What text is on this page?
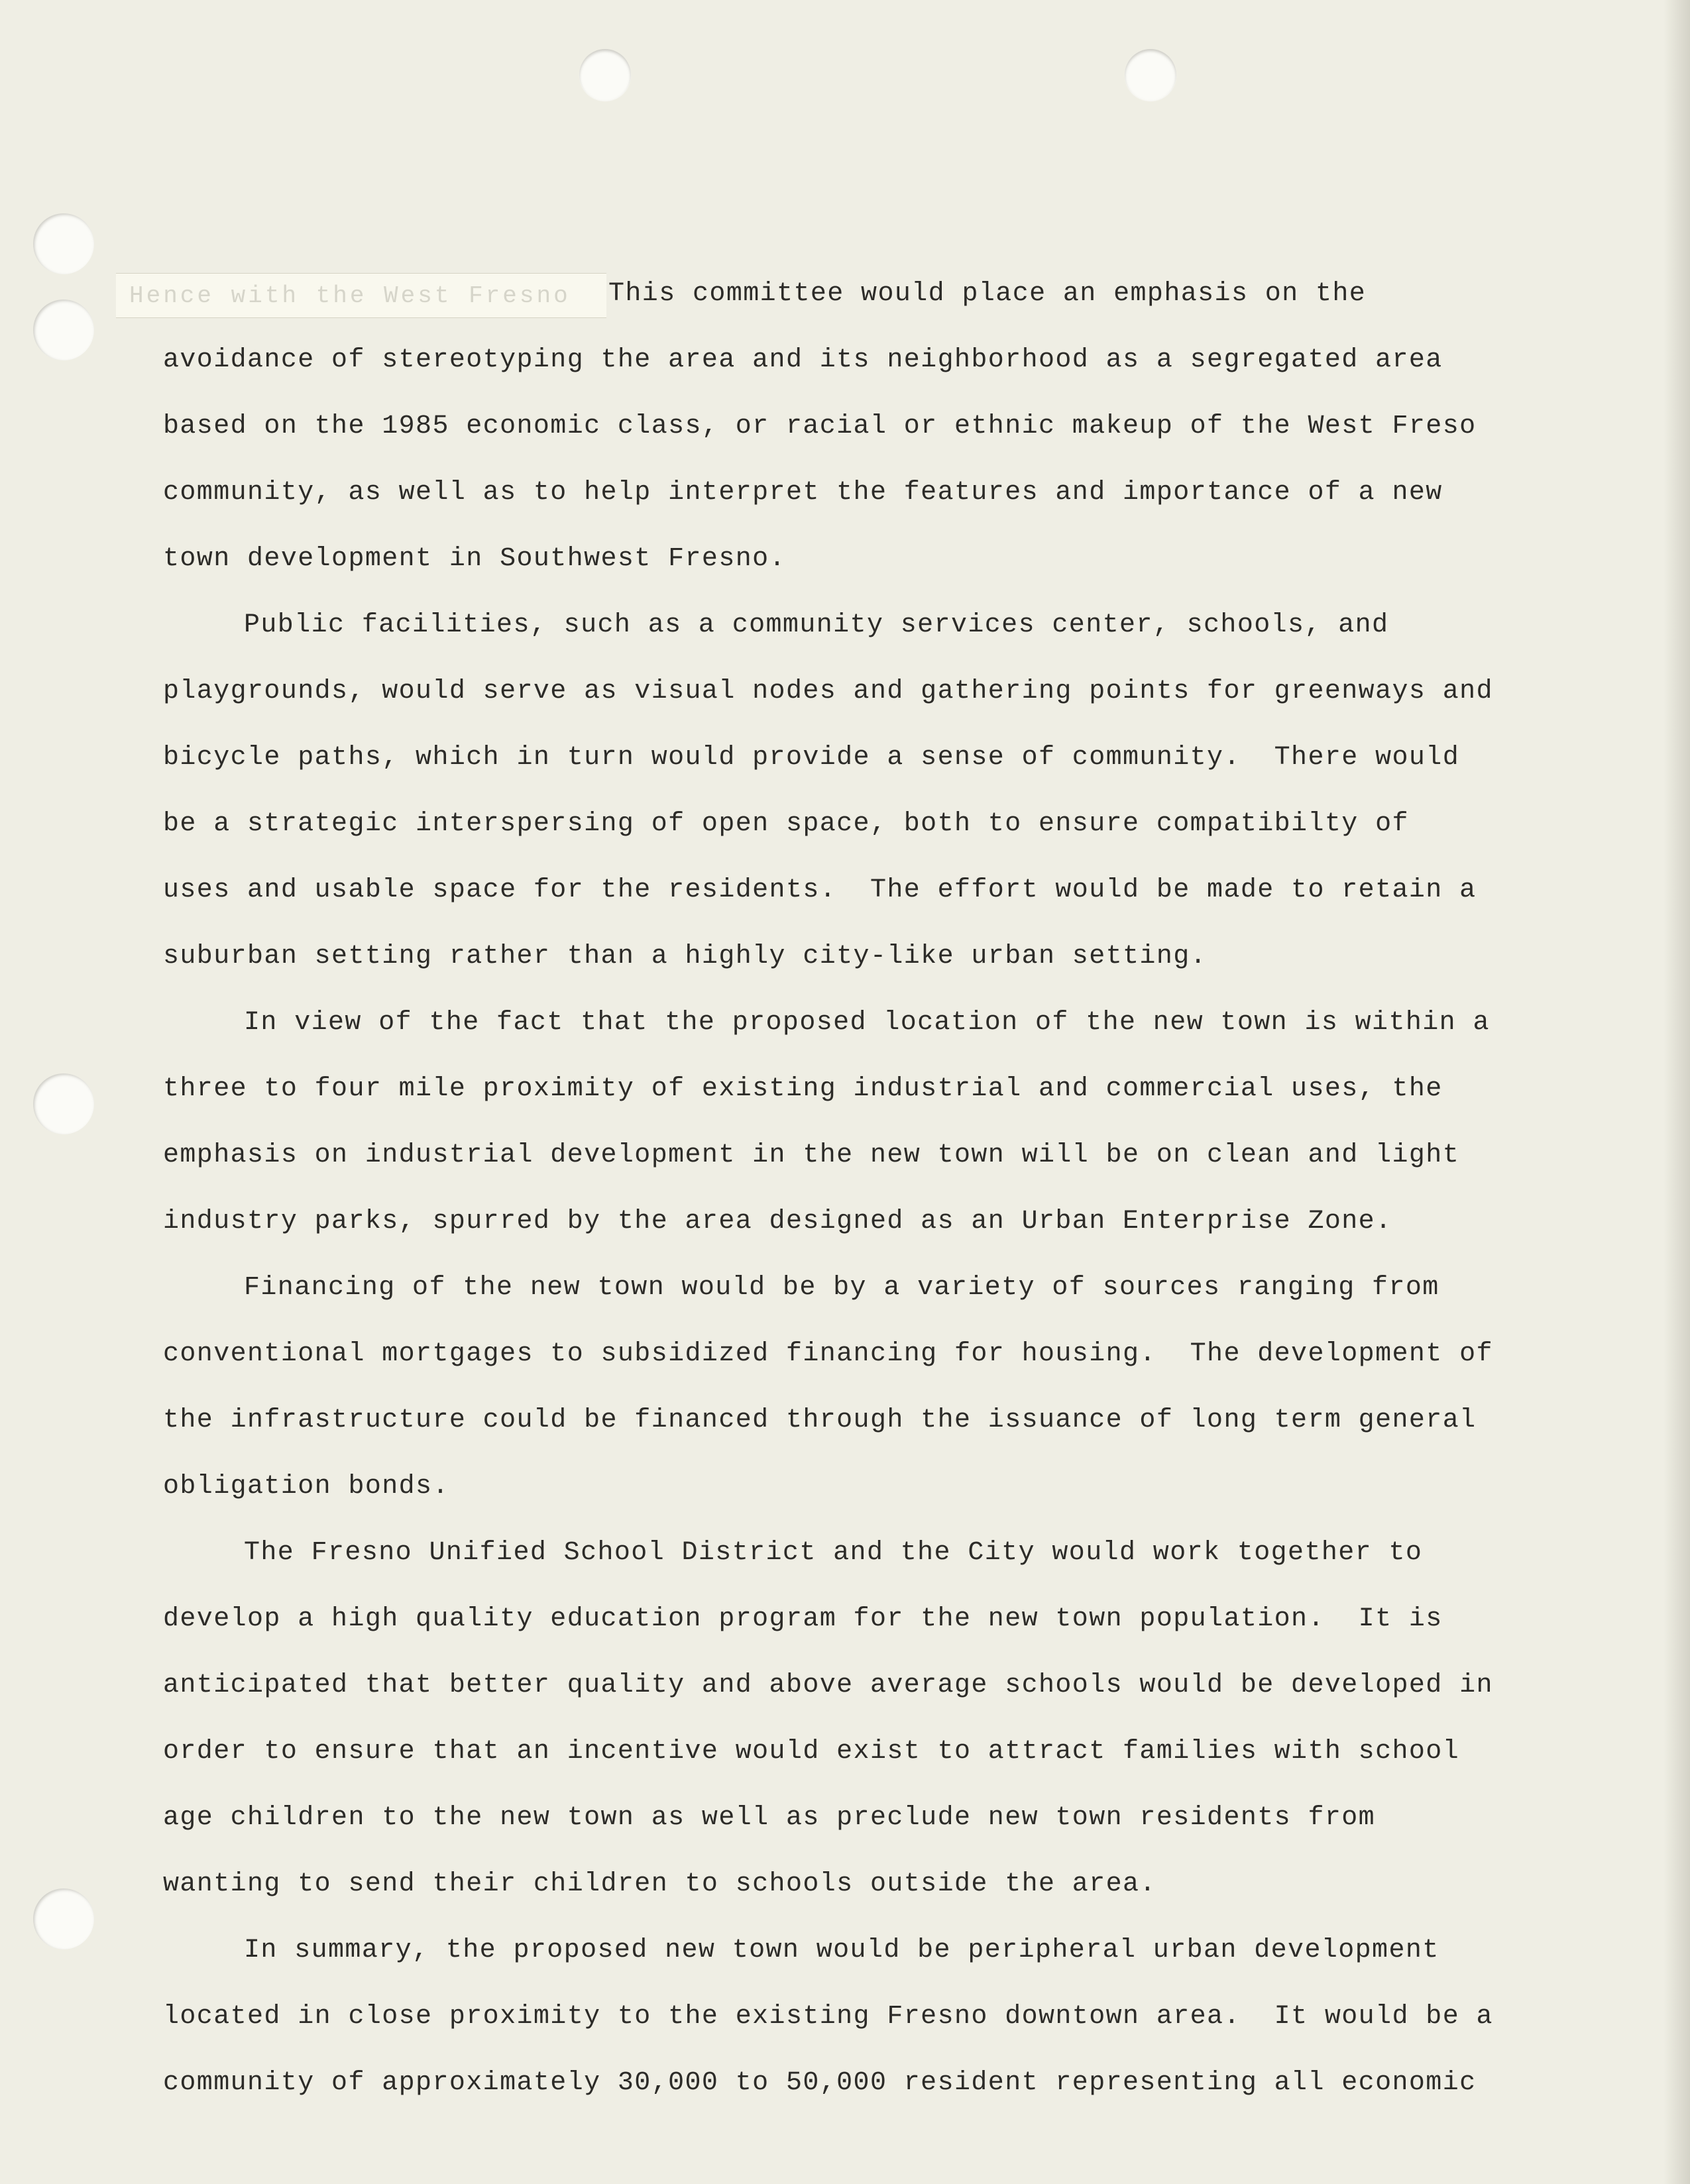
Hence with the West Fresno This committee would place an emphasis on the
avoidance of stereotyping the area and its neighborhood as a segregated area
based on the 1985 economic class, or racial or ethnic makeup of the West Freso
community, as well as to help interpret the features and importance of a new
town development in Southwest Fresno.
Public facilities, such as a community services center, schools, and
playgrounds, would serve as visual nodes and gathering points for greenways and
bicycle paths, which in turn would provide a sense of community.  There would
be a strategic interspersing of open space, both to ensure compatibilty of
uses and usable space for the residents.  The effort would be made to retain a
suburban setting rather than a highly city-like urban setting.
In view of the fact that the proposed location of the new town is within a
three to four mile proximity of existing industrial and commercial uses, the
emphasis on industrial development in the new town will be on clean and light
industry parks, spurred by the area designed as an Urban Enterprise Zone.
Financing of the new town would be by a variety of sources ranging from
conventional mortgages to subsidized financing for housing.  The development of
the infrastructure could be financed through the issuance of long term general
obligation bonds.
The Fresno Unified School District and the City would work together to
develop a high quality education program for the new town population.  It is
anticipated that better quality and above average schools would be developed in
order to ensure that an incentive would exist to attract families with school
age children to the new town as well as preclude new town residents from
wanting to send their children to schools outside the area.
In summary, the proposed new town would be peripheral urban development
located in close proximity to the existing Fresno downtown area.  It would be a
community of approximately 30,000 to 50,000 resident representing all economic
